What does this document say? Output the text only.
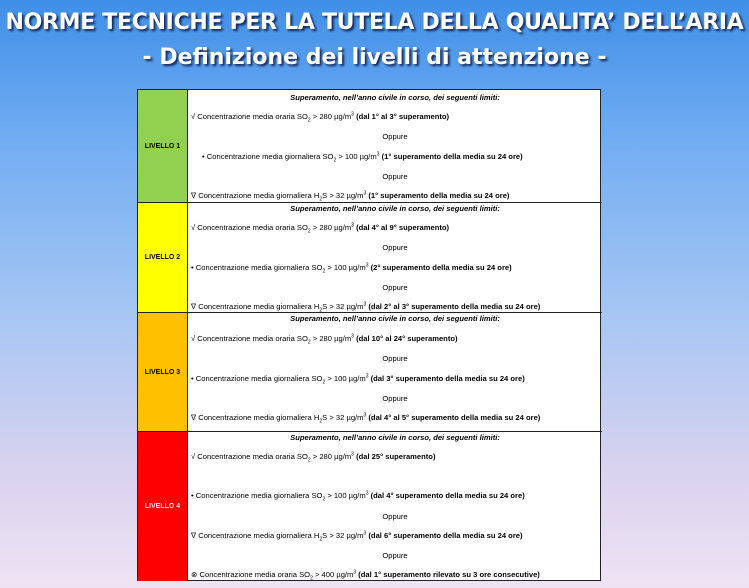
NORME TECNICHE PER LA TUTELA DELLA QUALITA’ DELL’ARIA
- Definizione dei livelli di attenzione -
LIVELLO 1
Superamento, nell’anno civile in corso, dei seguenti limiti:
√ Concentrazione media oraria $SO_2 > 280$ $\mu g/m^3$ (dal 1° al 3° superamento)
Oppure
• Concentrazione media giornaliera $SO_2 > 100$ $\mu g/m^3$ (1° superamento della media su 24 ore)
Oppure
∇ Concentrazione media giornaliera $H_2S > 32$ $\mu g/m^3$ (1° superamento della media su 24 ore)
LIVELLO 2
Superamento, nell’anno civile in corso, dei seguenti limiti:
√ Concentrazione media oraria $SO_2 > 280$ $\mu g/m^3$ (dal 4° al 9° superamento)
Oppure
• Concentrazione media giornaliera $SO_2 > 100$ $\mu g/m^3$ (2° superamento della media su 24 ore)
Oppure
∇ Concentrazione media giornaliera $H_2S > 32$ $\mu g/m^3$ (dal 2° al 3° superamento della media su 24 ore)
LIVELLO 3
Superamento, nell’anno civile in corso, dei seguenti limiti:
√ Concentrazione media oraria $SO_2 > 280$ $\mu g/m^3$ (dal 10° al 24° superamento)
Oppure
• Concentrazione media giornaliera $SO_2 > 100$ $\mu g/m^3$ (dal 3° superamento della media su 24 ore)
Oppure
∇ Concentrazione media giornaliera $H_2S > 32$ $\mu g/m^3$ (dal 4° al 5° superamento della media su 24 ore)
LIVELLO 4
Superamento, nell’anno civile in corso, dei seguenti limiti:
√ Concentrazione media oraria $SO_2 > 280$ $\mu g/m^3$ (dal 25° superamento)
• Concentrazione media giornaliera $SO_2 > 100$ $\mu g/m^3$ (dal 4° superamento della media su 24 ore)
Oppure
∇ Concentrazione media giornaliera $H_2S > 32$ $\mu g/m^3$ (dal 6° superamento della media su 24 ore)
Oppure
⊗ Concentrazione media oraria $SO_2 > 400$ $\mu g/m^3$ (dal 1° superamento rilevato su 3 ore consecutive)
